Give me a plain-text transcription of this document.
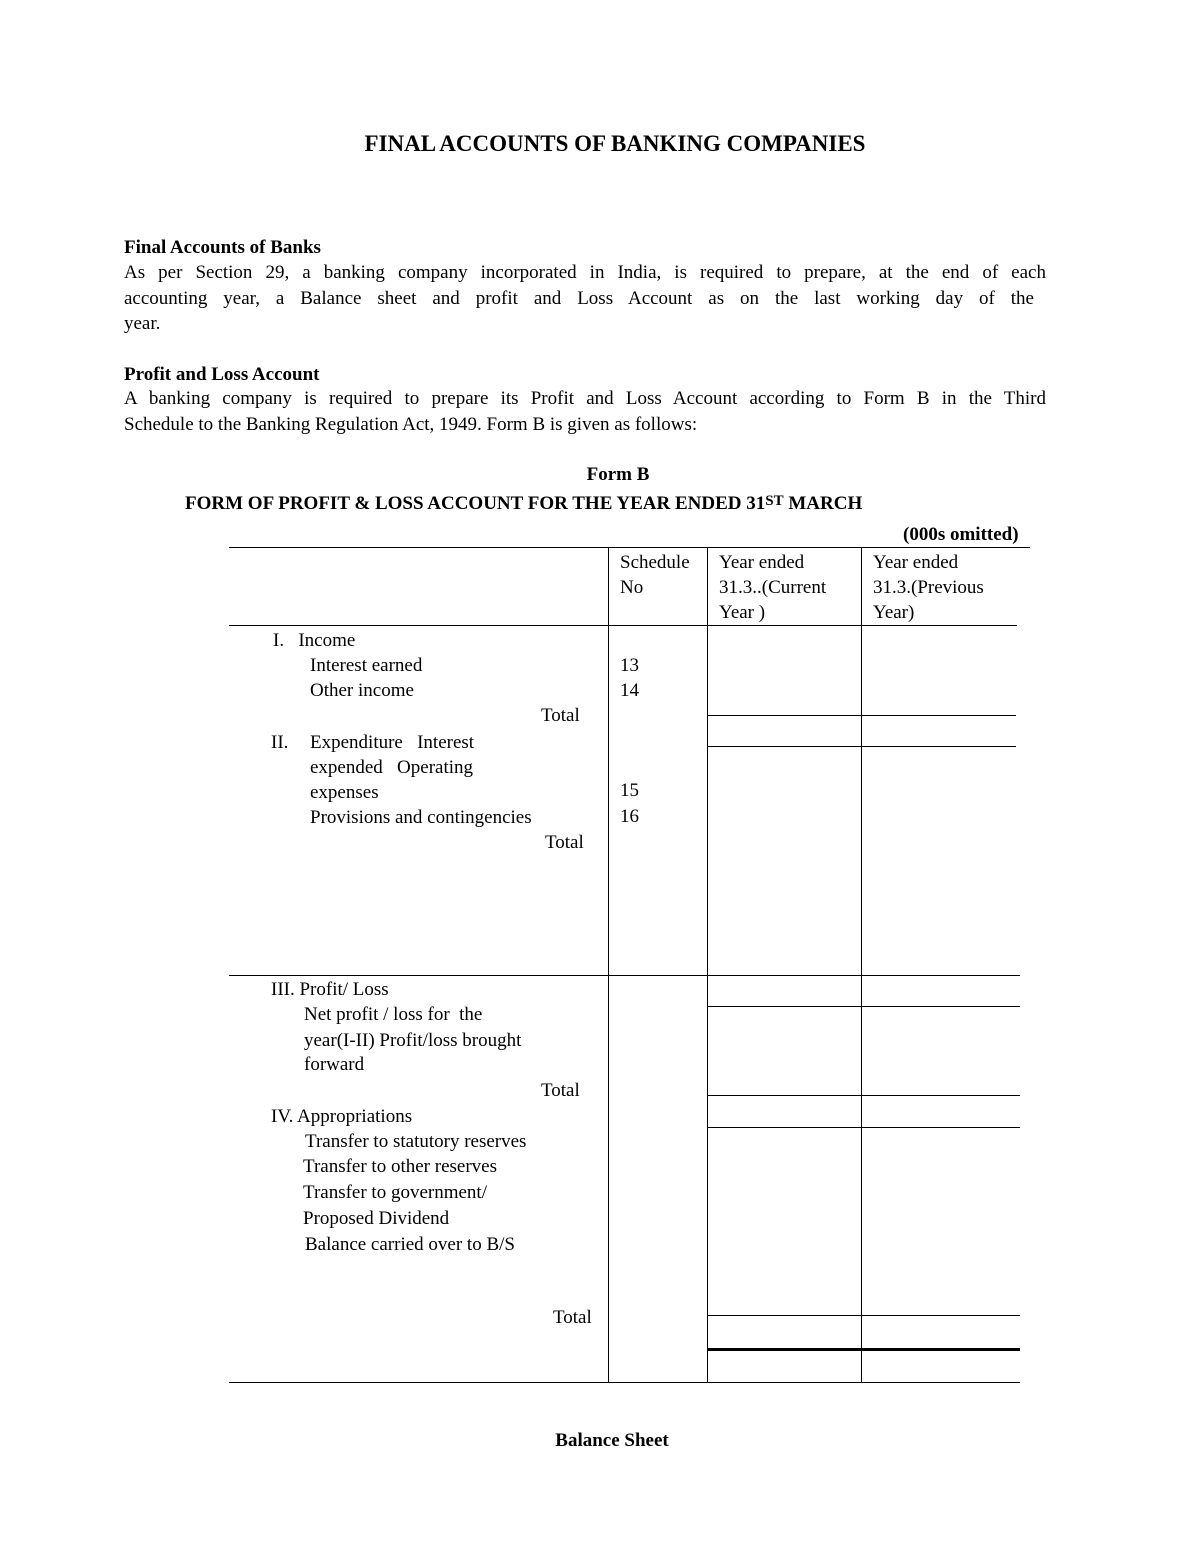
FINAL ACCOUNTS OF BANKING COMPANIES
Final Accounts of Banks
As per Section 29, a banking company incorporated in India, is required to prepare, at the end of each
accounting year, a Balance sheet and profit and Loss Account as on the last working day of the
year.
Profit and Loss Account
A banking company is required to prepare its Profit and Loss Account according to Form B in the Third
Schedule to the Banking Regulation Act, 1949. Form B is given as follows:
Form B
FORM OF PROFIT & LOSS ACCOUNT FOR THE YEAR ENDED 31ST MARCH
(000s omitted)
Schedule
No
Year ended
31.3..(Current
Year )
Year ended
31.3.(Previous
Year)
I.   Income
Interest earned
Other income
13
14
Total
II. Expenditure   Interest
expended   Operating
expenses
Provisions and contingencies
15
16
Total
III. Profit/ Loss
Net profit / loss for  the
year(I-II) Profit/loss brought
forward
Total
IV. Appropriations
Transfer to statutory reserves
Transfer to other reserves
Transfer to government/
Proposed Dividend
Balance carried over to B/S
Total
Balance Sheet
